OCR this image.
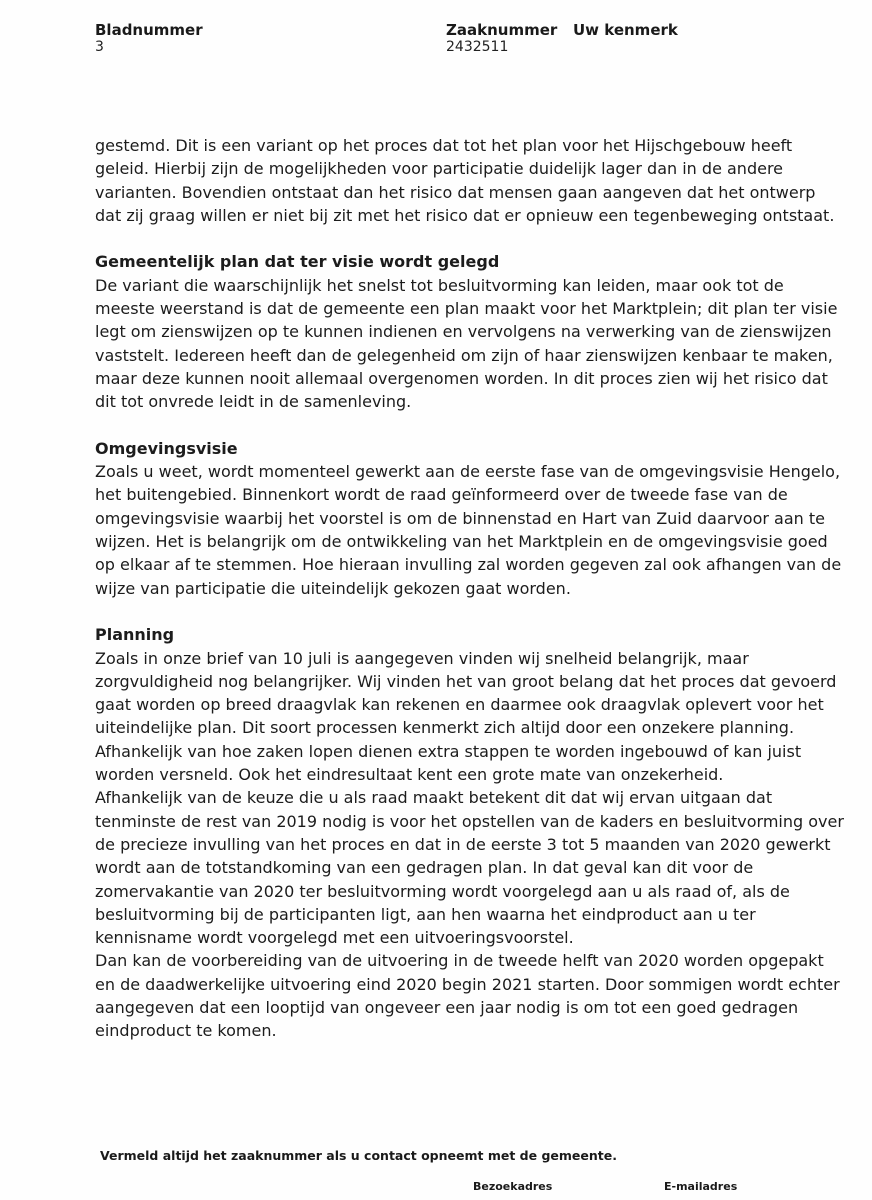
Bladnummer
3
Zaaknummer
2432511
Uw kenmerk

gestemd. Dit is een variant op het proces dat tot het plan voor het Hijschgebouw heeft

geleid. Hierbij zijn de mogelijkheden voor participatie duidelijk lager dan in de andere

varianten. Bovendien ontstaat dan het risico dat mensen gaan aangeven dat het ontwerp

dat zij graag willen er niet bij zit met het risico dat er opnieuw een tegenbeweging ontstaat.

Gemeentelijk plan dat ter visie wordt gelegd

De variant die waarschijnlijk het snelst tot besluitvorming kan leiden, maar ook tot de

meeste weerstand is dat de gemeente een plan maakt voor het Marktplein; dit plan ter visie

legt om zienswijzen op te kunnen indienen en vervolgens na verwerking van de zienswijzen

vaststelt. Iedereen heeft dan de gelegenheid om zijn of haar zienswijzen kenbaar te maken,

maar deze kunnen nooit allemaal overgenomen worden. In dit proces zien wij het risico dat

dit tot onvrede leidt in de samenleving.

Omgevingsvisie

Zoals u weet, wordt momenteel gewerkt aan de eerste fase van de omgevingsvisie Hengelo,

het buitengebied. Binnenkort wordt de raad geïnformeerd over de tweede fase van de

omgevingsvisie waarbij het voorstel is om de binnenstad en Hart van Zuid daarvoor aan te

wijzen. Het is belangrijk om de ontwikkeling van het Marktplein en de omgevingsvisie goed

op elkaar af te stemmen. Hoe hieraan invulling zal worden gegeven zal ook afhangen van de

wijze van participatie die uiteindelijk gekozen gaat worden.

Planning

Zoals in onze brief van 10 juli is aangegeven vinden wij snelheid belangrijk, maar

zorgvuldigheid nog belangrijker. Wij vinden het van groot belang dat het proces dat gevoerd

gaat worden op breed draagvlak kan rekenen en daarmee ook draagvlak oplevert voor het

uiteindelijke plan. Dit soort processen kenmerkt zich altijd door een onzekere planning.

Afhankelijk van hoe zaken lopen dienen extra stappen te worden ingebouwd of kan juist

worden versneld. Ook het eindresultaat kent een grote mate van onzekerheid.

Afhankelijk van de keuze die u als raad maakt betekent dit dat wij ervan uitgaan dat

tenminste de rest van 2019 nodig is voor het opstellen van de kaders en besluitvorming over

de precieze invulling van het proces en dat in de eerste 3 tot 5 maanden van 2020 gewerkt

wordt aan de totstandkoming van een gedragen plan. In dat geval kan dit voor de

zomervakantie van 2020 ter besluitvorming wordt voorgelegd aan u als raad of, als de

besluitvorming bij de participanten ligt, aan hen waarna het eindproduct aan u ter

kennisname wordt voorgelegd met een uitvoeringsvoorstel.

Dan kan de voorbereiding van de uitvoering in de tweede helft van 2020 worden opgepakt

en de daadwerkelijke uitvoering eind 2020 begin 2021 starten. Door sommigen wordt echter

aangegeven dat een looptijd van ongeveer een jaar nodig is om tot een goed gedragen

eindproduct te komen.

Vermeld altijd het zaaknummer als u contact opneemt met de gemeente.
Bezoekadres	E-mailadres
